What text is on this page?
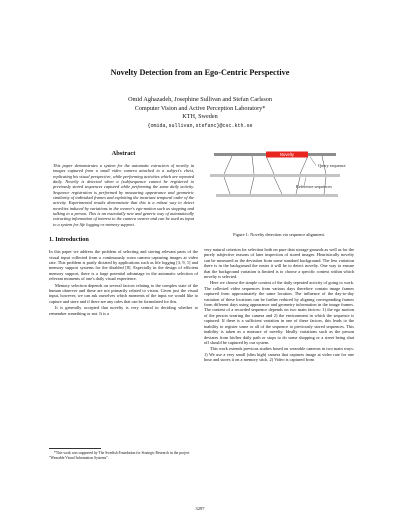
Novelty Detection from an Ego-Centric Perspective
Omid Aghazadeh, Josephine Sullivan and Stefan Carlsson
Computer Vision and Active Perception Laboratory*
KTH, Sweden
{omida,sullivan,stefanc}@csc.kth.se
Abstract

This paper demonstrates a system for the automatic extraction of novelty in images captured from a small video camera attached to a subject's chest, replicating his visual perspective, while performing activities which are repeated daily. Novelty is detected when a (sub)sequence cannot be registered to previously stored sequences captured while performing the same daily activity. Sequence registration is performed by measuring appearance and geometric similarity of individual frames and exploiting the invariant temporal order of the activity. Experimental results demonstrate that this is a robust way to detect novelties induced by variations in the wearer's ego-motion such as stopping and talking to a person. This is an essentially new and generic way of automatically extracting information of interest to the camera wearer and can be used as input to a system for life logging or memory support.

1. Introduction

In this paper we address the problem of selecting and storing relevant parts of the visual input collected from a continuously worn camera capturing images at video rate. This problem is partly dictated by applications such as life logging [3, 9, 1] and memory support systems for the disabled [8]. Especially in the design of efficient memory support, there is a large potential advantage in the automatic selection of relevant moments of one's daily visual experience.

Memory selection depends on several factors relating to the complex state of the human observer and these are not primarily related to vision. Given just the visual input, however, we can ask ourselves which moments of the input we would like to capture and store and if there are any rules that can be formulated for this.

It is generally accepted that novelty is very central in deciding whether to remember something or not. It is a

*This work was supported by The Swedish Foundation for Strategic Research in the project "Wearable Visual Information Systems".
Novelty
Query sequence
Reference sequences
Figure 1: Novelty detection via sequence alignment.

very natural criterion for selection both on pure data storage grounds as well as for the purely subjective reasons of later inspection of stored images. Heuristically novelty can be measured as the deviation from some standard background. The less variation there is in the background the easier it will be to detect novelty. One way to ensure that the background variation is limited is to choose a specific context within which novelty is selected.

Here we choose the simple context of the daily repeated activity of going to work. The collected video sequences from various days therefore contain image frames captured from approximately the same location. The influence of the day-to-day variation of these locations can be further reduced by aligning corresponding frames from different days using appearance and geometry information in the image frames. The content of a recorded sequence depends on two main factors: 1) the ego motion of the person wearing the camera and 2) the environment in which the sequence is captured. If there is a sufficient variation in one of these factors, this leads to the inability to register some or all of the sequence to previously stored sequences. This inability is taken as a measure of novelty. Ideally variations such as the person deviates from his/her daily path or stops to do some shopping or a street being shut off should be captured by our system.

This work extends previous studies based on wearable cameras in two main ways: 1) We use a very small (slim high) camera that captures image at video rate for one hour and stores it on a memory stick. 2) Video is captured from

3297
